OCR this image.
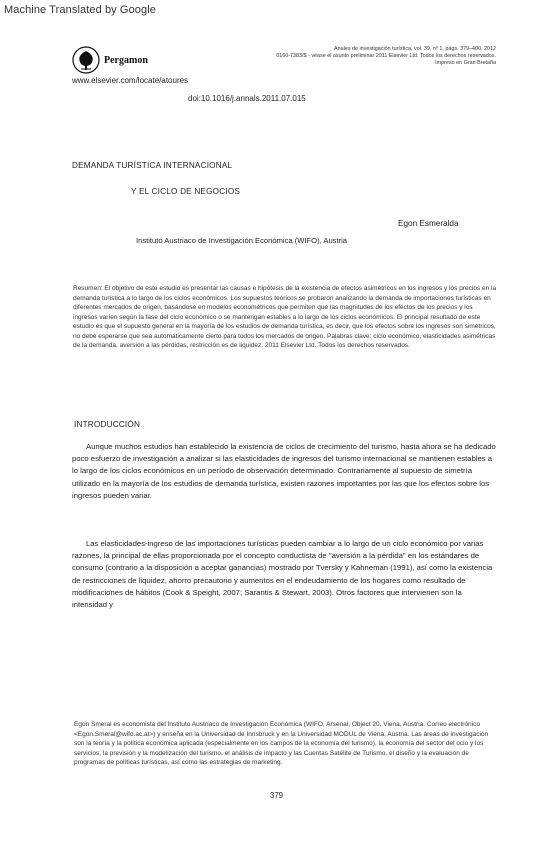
Machine Translated by Google
Pergamon
www.elsevier.com/locate/atoures
Anales de investigación turística, vol. 39, nº 1, págs. 379–400, 2012
0160-7383/$ - véase el asunto preliminar 2011 Elsevier Ltd. Todos los derechos reservados.
Impreso en Gran Bretaña
doi:10.1016/j.annals.2011.07.015
DEMANDA TURÍSTICA INTERNACIONAL
Y EL CICLO DE NEGOCIOS
Egon Esmeralda
Instituto Austriaco de Investigación Económica (WIFO), Austria
Resumen: El objetivo de este estudio es presentar las causas e hipótesis de la existencia de efectos asimétricos en los ingresos y los precios en la demanda turística a lo largo de los ciclos económicos. Los supuestos teóricos se probaron analizando la demanda de importaciones turísticas en diferentes mercados de origen, basándose en modelos econométricos que permiten que las magnitudes de los efectos de los precios y los ingresos varíen según la fase del ciclo económico o se mantengan estables a lo largo de los ciclos económicos. El principal resultado de este estudio es que el supuesto general en la mayoría de los estudios de demanda turística, es decir, que los efectos sobre los ingresos son simétricos, no debe esperarse que sea automáticamente cierto para todos los mercados de origen. Palabras clave: ciclo económico, elasticidades asimétricas de la demanda, aversión a las pérdidas, restricción es de liquidez. 2011 Elsevier Ltd. Todos los derechos reservados.
INTRODUCCIÓN
Aunque muchos estudios han establecido la existencia de ciclos de crecimiento del turismo, hasta ahora se ha dedicado poco esfuerzo de investigación a analizar si las elasticidades de ingresos del turismo internacional se mantienen estables a lo largo de los ciclos económicos en un período de observación determinado. Contrariamente al supuesto de simetría utilizado en la mayoría de los estudios de demanda turística, existen razones importantes por las que los efectos sobre los ingresos pueden variar.
Las elasticidades-ingreso de las importaciones turísticas pueden cambiar a lo largo de un ciclo económico por varias razones, la principal de ellas proporcionada por el concepto conductista de "aversión a la pérdida" en los estándares de consumo (contrario a la disposición a aceptar ganancias) mostrado por Tversky y Kahneman (1991), así como la existencia de restricciones de liquidez, ahorro precautorio y aumentos en el endeudamiento de los hogares como resultado de modificaciones de hábitos (Cook & Speight, 2007; Sarantis & Stewart, 2003). Otros factores que intervienen son la intensidad y
Egon Smeral es economista del Instituto Austríaco de Investigación Económica (WIFO, Arsenal, Object 20, Viena, Austria. Correo electrónico <Egon.Smeral@wifo.ac.at>) y enseña en la Universidad de Innsbruck y en la Universidad MODUL de Viena, Austria. Las áreas de investigación son la teoría y la política económica aplicada (especialmente en los campos de la economía del turismo), la economía del sector del ocio y los servicios, la previsión y la modelización del turismo, el análisis de impacto y las Cuentas Satélite de Turismo, el diseño y la evaluación de programas de políticas turísticas, así como las estrategias de marketing.
379
